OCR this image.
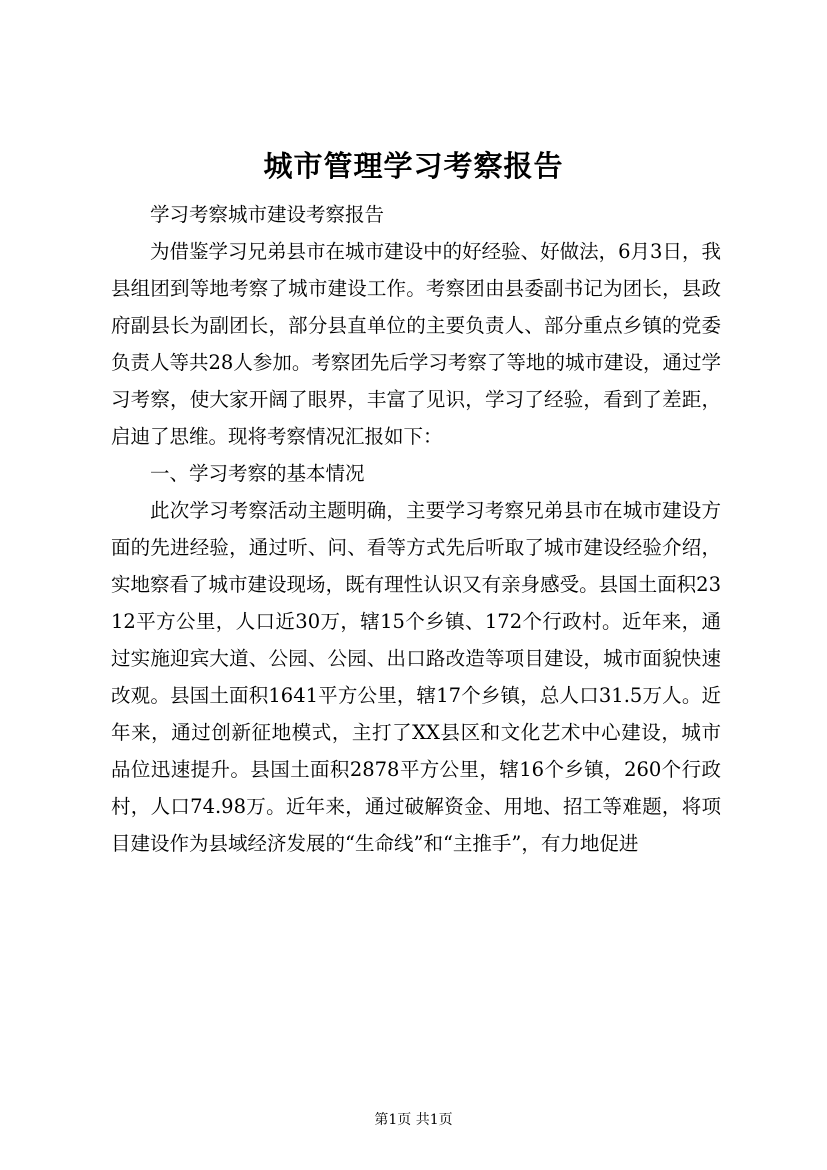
城市管理学习考察报告

学习考察城市建设考察报告

为借鉴学习兄弟县市在城市建设中的好经验、好做法，6月3日，我县组团到等地考察了城市建设工作。考察团由县委副书记为团长，县政府副县长为副团长，部分县直单位的主要负责人、部分重点乡镇的党委负责人等共28人参加。考察团先后学习考察了等地的城市建设，通过学习考察，使大家开阔了眼界，丰富了见识，学习了经验，看到了差距，启迪了思维。现将考察情况汇报如下：

一、学习考察的基本情况

此次学习考察活动主题明确，主要学习考察兄弟县市在城市建设方面的先进经验，通过听、问、看等方式先后听取了城市建设经验介绍，实地察看了城市建设现场，既有理性认识又有亲身感受。县国土面积2312平方公里，人口近30万，辖15个乡镇、172个行政村。近年来，通过实施迎宾大道、公园、公园、出口路改造等项目建设，城市面貌快速改观。县国土面积1641平方公里，辖17个乡镇，总人口31.5万人。近年来，通过创新征地模式，主打了XX县区和文化艺术中心建设，城市品位迅速提升。县国土面积2878平方公里，辖16个乡镇，260个行政村，人口74.98万。近年来，通过破解资金、用地、招工等难题，将项目建设作为县域经济发展的“生命线”和“主推手”，有力地促进

第1页 共1页
